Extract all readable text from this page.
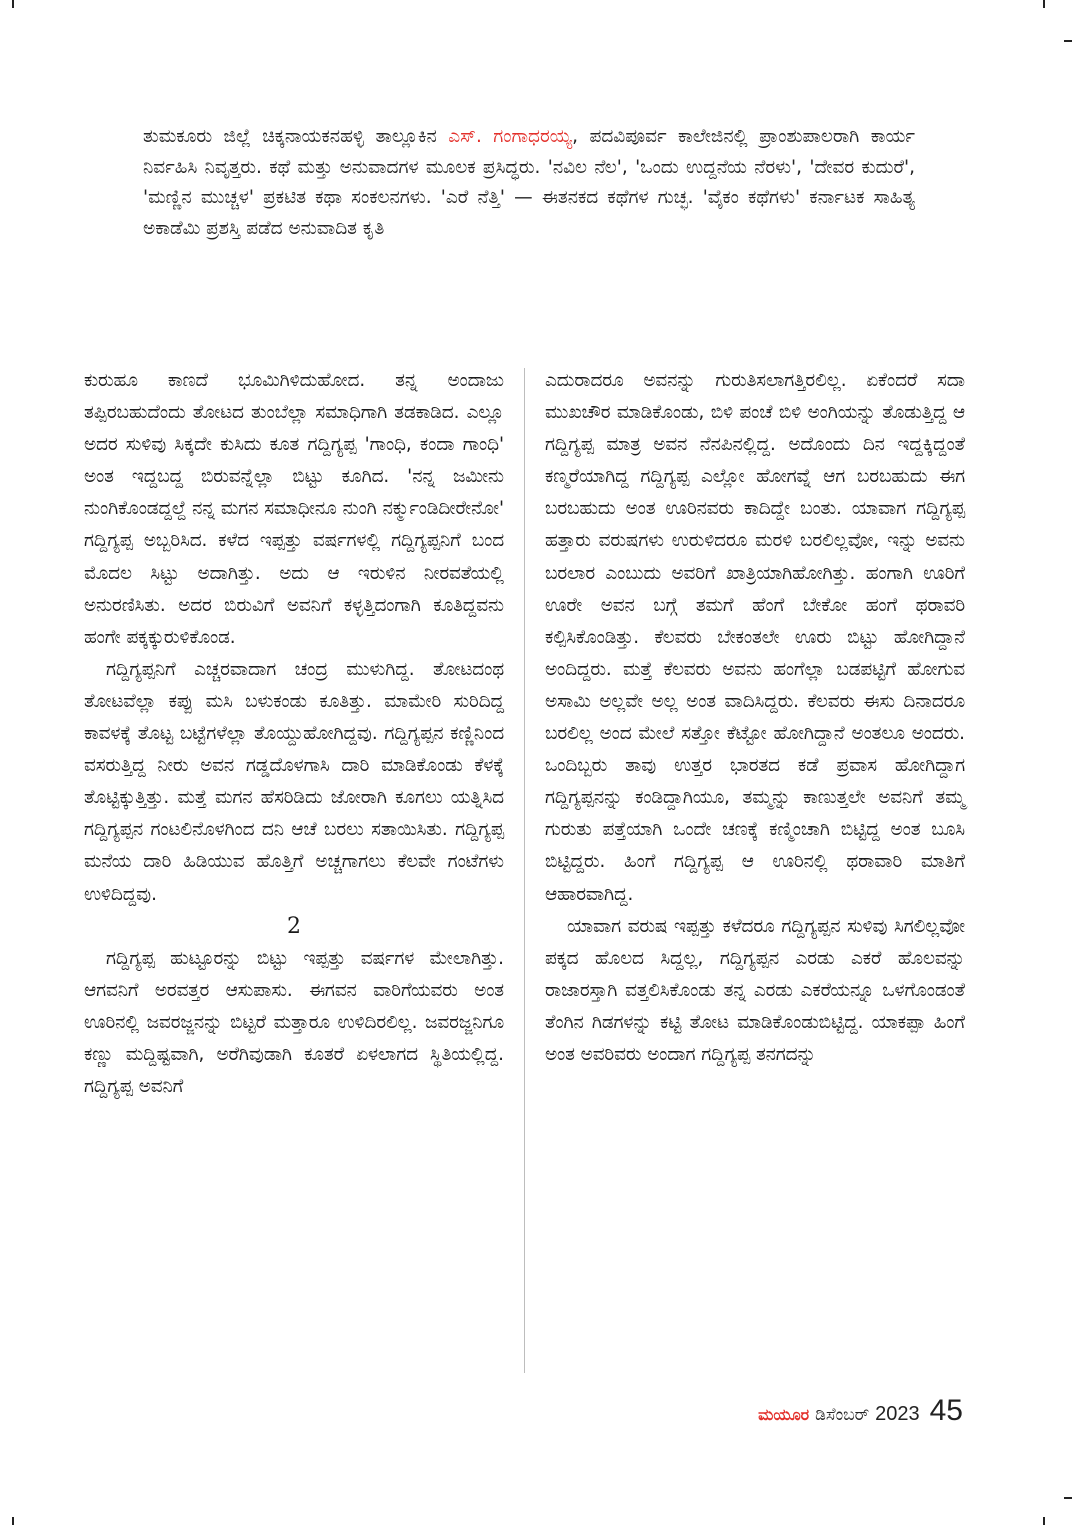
ತುಮಕೂರು ಜಿಲ್ಲೆ ಚಿಕ್ಕನಾಯಕನಹಳ್ಳಿ ತಾಲ್ಲೂಕಿನ ಎಸ್. ಗಂಗಾಧರಯ್ಯ, ಪದವಿಪೂರ್ವ ಕಾಲೇಜಿನಲ್ಲಿ ಪ್ರಾಂಶುಪಾಲರಾಗಿ ಕಾರ್ಯ ನಿರ್ವಹಿಸಿ ನಿವೃತ್ತರು. ಕಥೆ ಮತ್ತು ಅನುವಾದಗಳ ಮೂಲಕ ಪ್ರಸಿದ್ಧರು. 'ನವಿಲ ನೆಲ', 'ಒಂದು ಉದ್ದನೆಯ ನೆರಳು', 'ದೇವರ ಕುದುರೆ', 'ಮಣ್ಣಿನ ಮುಚ್ಚಳ' ಪ್ರಕಟಿತ ಕಥಾ ಸಂಕಲನಗಳು. 'ಎರೆ ನೆತ್ತಿ' — ಈತನಕದ ಕಥೆಗಳ ಗುಚ್ಛ. 'ವೈಕಂ ಕಥೆಗಳು' ಕರ್ನಾಟಕ ಸಾಹಿತ್ಯ ಅಕಾಡೆಮಿ ಪ್ರಶಸ್ತಿ ಪಡೆದ ಅನುವಾದಿತ ಕೃತಿ

ಕುರುಹೂ ಕಾಣದೆ ಭೂಮಿಗಿಳಿದುಹೋದ. ತನ್ನ ಅಂದಾಜು ತಪ್ಪಿರಬಹುದೆಂದು ತೋಟದ ತುಂಬೆಲ್ಲಾ ಸಮಾಧಿಗಾಗಿ ತಡಕಾಡಿದ. ಎಲ್ಲೂ ಅದರ ಸುಳಿವು ಸಿಕ್ಕದೇ ಕುಸಿದು ಕೂತ ಗದ್ದಿಗ್ಯಪ್ಪ 'ಗಾಂಧಿ, ಕಂದಾ ಗಾಂಧಿ' ಅಂತ ಇದ್ದಬದ್ದ ಬಿರುವನ್ನೆಲ್ಲಾ ಬಿಟ್ಟು ಕೂಗಿದ. 'ನನ್ನ ಜಮೀನು ನುಂಗಿಕೊಂಡದ್ದಲ್ದೆ ನನ್ನ ಮಗನ ಸಮಾಧೀನೂ ನುಂಗಿ ನರ್ಕ್ಮುಂಡಿದೀರೇನೋ' ಗದ್ದಿಗ್ಯಪ್ಪ ಅಬ್ಬರಿಸಿದ. ಕಳೆದ ಇಪ್ಪತ್ತು ವರ್ಷಗಳಲ್ಲಿ ಗದ್ದಿಗ್ಯಪ್ಪನಿಗೆ ಬಂದ ಮೊದಲ ಸಿಟ್ಟು ಅದಾಗಿತ್ತು. ಅದು ಆ ಇರುಳಿನ ನೀರವತೆಯಲ್ಲಿ ಅನುರಣಿಸಿತು. ಅದರ ಬಿರುವಿಗೆ ಅವನಿಗೆ ಕಳ್ಳತ್ತಿದಂಗಾಗಿ ಕೂತಿದ್ದವನು ಹಂಗೇ ಪಕ್ಕಕ್ಕುರುಳಿಕೊಂಡ.

ಗದ್ದಿಗ್ಯಪ್ಪನಿಗೆ ಎಚ್ಚರವಾದಾಗ ಚಂದ್ರ ಮುಳುಗಿದ್ದ. ತೋಟದಂಥ ತೋಟವೆಲ್ಲಾ ಕಪ್ಪು ಮಸಿ ಬಳುಕಂಡು ಕೂತಿತ್ತು. ಮಾಮೇರಿ ಸುರಿದಿದ್ದ ಕಾವಳಕ್ಕೆ ತೊಟ್ಟ ಬಟ್ಟೆಗಳೆಲ್ಲಾ ತೊಯ್ದುಹೋಗಿದ್ದವು. ಗದ್ದಿಗ್ಯಪ್ಪನ ಕಣ್ಣಿನಿಂದ ವಸರುತ್ತಿದ್ದ ನೀರು ಅವನ ಗಡ್ಡದೊಳಗಾಸಿ ದಾರಿ ಮಾಡಿಕೊಂಡು ಕೆಳಕ್ಕೆ ತೊಟ್ಟಿಕ್ಕುತ್ತಿತ್ತು. ಮತ್ತೆ ಮಗನ ಹೆಸರಿಡಿದು ಜೋರಾಗಿ ಕೂಗಲು ಯತ್ನಿಸಿದ ಗದ್ದಿಗ್ಯಪ್ಪನ ಗಂಟಲಿನೊಳಗಿಂದ ದನಿ ಆಚೆ ಬರಲು ಸತಾಯಿಸಿತು. ಗದ್ದಿಗ್ಯಪ್ಪ ಮನೆಯ ದಾರಿ ಹಿಡಿಯುವ ಹೊತ್ತಿಗೆ ಅಚ್ಚಗಾಗಲು ಕೆಲವೇ ಗಂಟೆಗಳು ಉಳಿದಿದ್ದವು.

2

ಗದ್ದಿಗ್ಯಪ್ಪ ಹುಟ್ಟೂರನ್ನು ಬಿಟ್ಟು ಇಪ್ಪತ್ತು ವರ್ಷಗಳ ಮೇಲಾಗಿತ್ತು. ಆಗವನಿಗೆ ಅರವತ್ತರ ಆಸುಪಾಸು. ಈಗವನ ವಾರಿಗೆಯವರು ಅಂತ ಊರಿನಲ್ಲಿ ಜವರಜ್ಜನನ್ನು ಬಿಟ್ಟರೆ ಮತ್ತಾರೂ ಉಳಿದಿರಲಿಲ್ಲ. ಜವರಜ್ಜನಿಗೂ ಕಣ್ಣು ಮದ್ದಿಷ್ಟವಾಗಿ, ಅರೆಗಿವುಡಾಗಿ ಕೂತರೆ ಏಳಲಾಗದ ಸ್ಥಿತಿಯಲ್ಲಿದ್ದ. ಗದ್ದಿಗ್ಯಪ್ಪ ಅವನಿಗೆ

ಎದುರಾದರೂ ಅವನನ್ನು ಗುರುತಿಸಲಾಗತ್ತಿರಲಿಲ್ಲ. ಏಕೆಂದರೆ ಸದಾ ಮುಖಚೌರ ಮಾಡಿಕೊಂಡು, ಬಿಳಿ ಪಂಚೆ ಬಿಳಿ ಅಂಗಿಯನ್ನು ತೊಡುತ್ತಿದ್ದ ಆ ಗದ್ದಿಗ್ಯಪ್ಪ ಮಾತ್ರ ಅವನ ನೆನಪಿನಲ್ಲಿದ್ದ. ಅದೊಂದು ದಿನ ಇದ್ದಕ್ಕಿದ್ದಂತೆ ಕಣ್ಮರೆಯಾಗಿದ್ದ ಗದ್ದಿಗ್ಯಪ್ಪ ಎಲ್ಲೋ ಹೋಗವ್ನೆ ಆಗ ಬರಬಹುದು ಈಗ ಬರಬಹುದು ಅಂತ ಊರಿನವರು ಕಾದಿದ್ದೇ ಬಂತು. ಯಾವಾಗ ಗದ್ದಿಗ್ಯಪ್ಪ ಹತ್ತಾರು ವರುಷಗಳು ಉರುಳಿದರೂ ಮರಳಿ ಬರಲಿಲ್ಲವೋ, ಇನ್ನು ಅವನು ಬರಲಾರ ಎಂಬುದು ಅವರಿಗೆ ಖಾತ್ರಿಯಾಗಿಹೋಗಿತ್ತು. ಹಂಗಾಗಿ ಊರಿಗೆ ಊರೇ ಅವನ ಬಗ್ಗೆ ತಮಗೆ ಹೆಂಗೆ ಬೇಕೋ ಹಂಗೆ ಥರಾವರಿ ಕಲ್ಪಿಸಿಕೊಂಡಿತ್ತು. ಕೆಲವರು ಬೇಕಂತಲೇ ಊರು ಬಿಟ್ಟು ಹೋಗಿದ್ದಾನೆ ಅಂದಿದ್ದರು. ಮತ್ತೆ ಕೆಲವರು ಅವನು ಹಂಗೆಲ್ಲಾ ಬಡಪಟ್ಟಿಗೆ ಹೋಗುವ ಅಸಾಮಿ ಅಲ್ಲವೇ ಅಲ್ಲ ಅಂತ ವಾದಿಸಿದ್ದರು. ಕೆಲವರು ಈಸು ದಿನಾದರೂ ಬರಲಿಲ್ಲ ಅಂದ ಮೇಲೆ ಸತ್ತೋ ಕೆಟ್ಟೋ ಹೋಗಿದ್ದಾನೆ ಅಂತಲೂ ಅಂದರು. ಒಂದಿಬ್ಬರು ತಾವು ಉತ್ತರ ಭಾರತದ ಕಡೆ ಪ್ರವಾಸ ಹೋಗಿದ್ದಾಗ ಗದ್ದಿಗ್ಯಪ್ಪನನ್ನು ಕಂಡಿದ್ದಾಗಿಯೂ, ತಮ್ಮನ್ನು ಕಾಣುತ್ತಲೇ ಅವನಿಗೆ ತಮ್ಮ ಗುರುತು ಪತ್ತೆಯಾಗಿ ಒಂದೇ ಚಣಕ್ಕೆ ಕಣ್ಮಿಂಚಾಗಿ ಬಿಟ್ಟಿದ್ದ ಅಂತ ಬೂಸಿ ಬಿಟ್ಟಿದ್ದರು. ಹಿಂಗೆ ಗದ್ದಿಗ್ಯಪ್ಪ ಆ ಊರಿನಲ್ಲಿ ಥರಾವಾರಿ ಮಾತಿಗೆ ಆಹಾರವಾಗಿದ್ದ.

ಯಾವಾಗ ವರುಷ ಇಪ್ಪತ್ತು ಕಳೆದರೂ ಗದ್ದಿಗ್ಯಪ್ಪನ ಸುಳಿವು ಸಿಗಲಿಲ್ಲವೋ ಪಕ್ಕದ ಹೊಲದ ಸಿದ್ದಲ್ಲ, ಗದ್ದಿಗ್ಯಪ್ಪನ ಎರಡು ಎಕರೆ ಹೊಲವನ್ನು ರಾಜಾರಸ್ತಾಗಿ ವತ್ತಲಿಸಿಕೊಂಡು ತನ್ನ ಎರಡು ಎಕರೆಯನ್ನೂ ಒಳಗೊಂಡಂತೆ ತೆಂಗಿನ ಗಿಡಗಳನ್ನು ಕಟ್ಟಿ ತೋಟ ಮಾಡಿಕೊಂಡುಬಿಟ್ಟಿದ್ದ. ಯಾಕಪ್ಪಾ ಹಿಂಗೆ ಅಂತ ಅವರಿವರು ಅಂದಾಗ ಗದ್ದಿಗ್ಯಪ್ಪ ತನಗದನ್ನು

ಮಯೂರ ಡಿಸೆಂಬರ್ 2023 45
